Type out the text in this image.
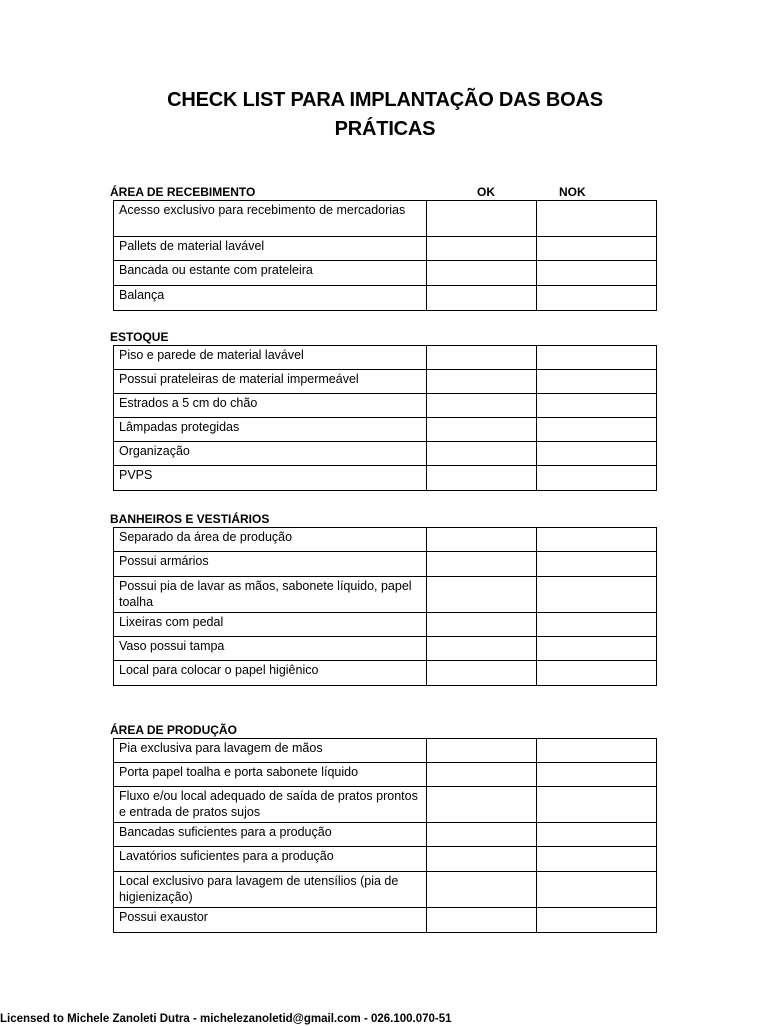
CHECK LIST PARA IMPLANTAÇÃO DAS BOAS PRÁTICAS
ÁREA DE RECEBIMENTO	OK	NOK
Acesso exclusivo para recebimento de mercadorias		
Pallets de material lavável		
Bancada ou estante com prateleira		
Balança		
ESTOQUE
Piso e parede de material lavável		
Possui prateleiras de material impermeável		
Estrados a 5 cm do chão		
Lâmpadas protegidas		
Organização		
PVPS		
BANHEIROS E VESTIÁRIOS
Separado da área de produção		
Possui armários		
Possui pia de lavar as mãos, sabonete líquido, papel toalha		
Lixeiras com pedal		
Vaso possui tampa		
Local para colocar o papel higiênico		
ÁREA DE PRODUÇÃO
Pia exclusiva para lavagem de mãos		
Porta papel toalha e porta sabonete líquido		
Fluxo e/ou local adequado de saída de pratos prontos e entrada de pratos sujos		
Bancadas suficientes para a produção		
Lavatórios suficientes para a produção		
Local exclusivo para lavagem de utensílios (pia de higienização)		
Possui exaustor		
Licensed to Michele Zanoleti Dutra - michelezanoletid@gmail.com - 026.100.070-51
